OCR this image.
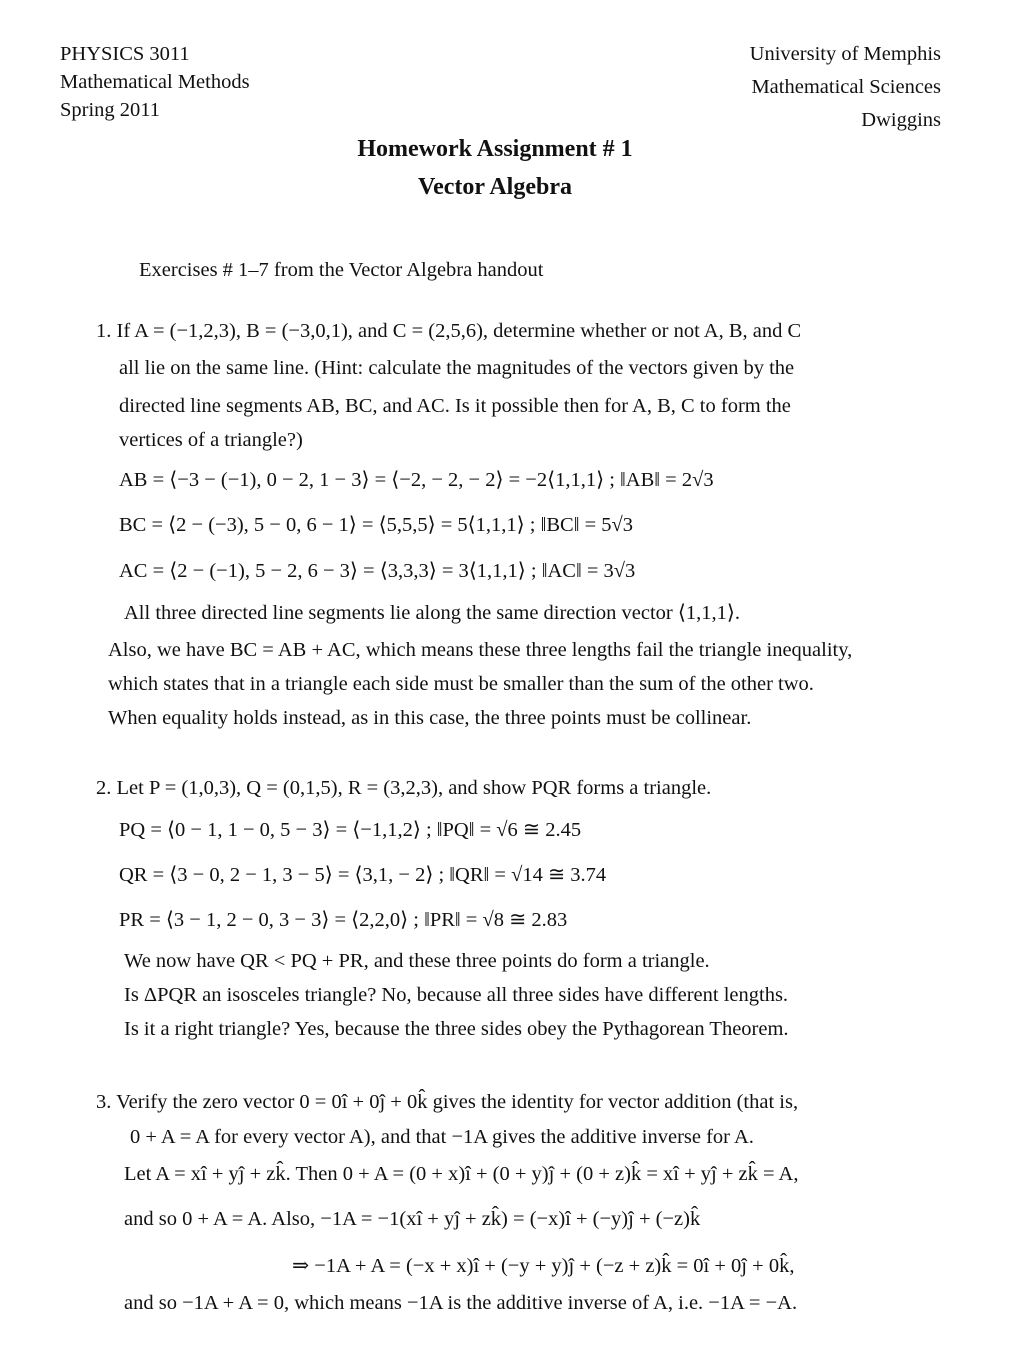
PHYSICS 3011
Mathematical Methods
Spring 2011
University of Memphis
Mathematical Sciences
Dwiggins
Homework Assignment # 1
Vector Algebra
Exercises # 1–7 from the Vector Algebra handout
1. If A = (−1,2,3), B = (−3,0,1), and C = (2,5,6), determine whether or not A, B, and C
all lie on the same line. (Hint: calculate the magnitudes of the vectors given by the
directed line segments AB, BC, and AC. Is it possible then for A, B, C to form the
vertices of a triangle?)
AB = ⟨−3 − (−1), 0 − 2, 1 − 3⟩ = ⟨−2, − 2, − 2⟩ = −2⟨1,1,1⟩ ; ‖AB‖ = 2√3
BC = ⟨2 − (−3), 5 − 0, 6 − 1⟩ = ⟨5,5,5⟩ = 5⟨1,1,1⟩ ; ‖BC‖ = 5√3
AC = ⟨2 − (−1), 5 − 2, 6 − 3⟩ = ⟨3,3,3⟩ = 3⟨1,1,1⟩ ; ‖AC‖ = 3√3
All three directed line segments lie along the same direction vector ⟨1,1,1⟩.
Also, we have BC = AB + AC, which means these three lengths fail the triangle inequality,
which states that in a triangle each side must be smaller than the sum of the other two.
When equality holds instead, as in this case, the three points must be collinear.
2. Let P = (1,0,3), Q = (0,1,5), R = (3,2,3), and show PQR forms a triangle.
PQ = ⟨0 − 1, 1 − 0, 5 − 3⟩ = ⟨−1,1,2⟩ ; ‖PQ‖ = √6 ≅ 2.45
QR = ⟨3 − 0, 2 − 1, 3 − 5⟩ = ⟨3,1, − 2⟩ ; ‖QR‖ = √14 ≅ 3.74
PR = ⟨3 − 1, 2 − 0, 3 − 3⟩ = ⟨2,2,0⟩ ; ‖PR‖ = √8 ≅ 2.83
We now have QR < PQ + PR, and these three points do form a triangle.
Is ΔPQR an isosceles triangle? No, because all three sides have different lengths.
Is it a right triangle? Yes, because the three sides obey the Pythagorean Theorem.
3. Verify the zero vector 0 = 0î + 0ĵ + 0k̂ gives the identity for vector addition (that is,
0 + A = A for every vector A), and that −1A gives the additive inverse for A.
Let A = xî + yĵ + zk̂. Then 0 + A = (0 + x)î + (0 + y)ĵ + (0 + z)k̂ = xî + yĵ + zk̂ = A,
and so 0 + A = A. Also, −1A = −1(xî + yĵ + zk̂) = (−x)î + (−y)ĵ + (−z)k̂
⇒ −1A + A = (−x + x)î + (−y + y)ĵ + (−z + z)k̂ = 0î + 0ĵ + 0k̂,
and so −1A + A = 0, which means −1A is the additive inverse of A, i.e. −1A = −A.
